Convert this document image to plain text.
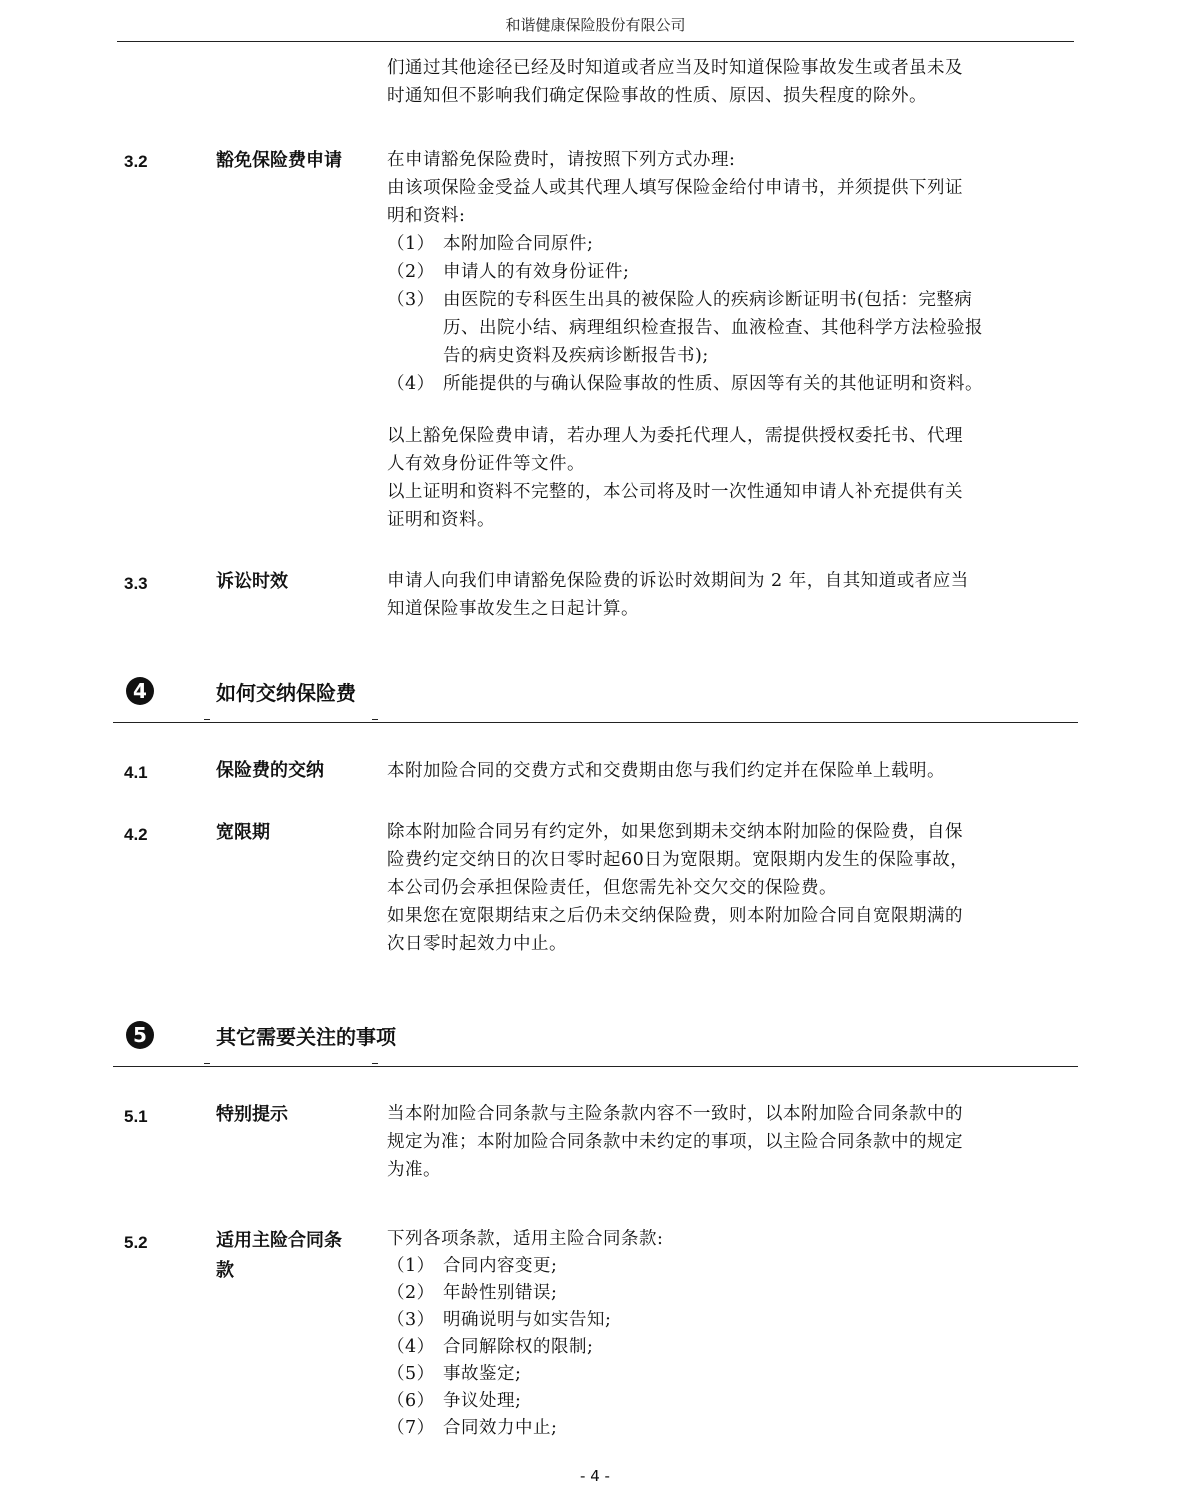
和谐健康保险股份有限公司

们通过其他途径已经及时知道或者应当及时知道保险事故发生或者虽未及

时通知但不影响我们确定保险事故的性质、原因、损失程度的除外。

3.2	豁免保险费申请	在申请豁免保险费时，请按照下列方式办理:

由该项保险金受益人或其代理人填写保险金给付申请书，并须提供下列证

明和资料:

（1） 本附加险合同原件;
（2） 申请人的有效身份证件;
（3） 由医院的专科医生出具的被保险人的疾病诊断证明书(包括：完整病

历、出院小结、病理组织检查报告、血液检查、其他科学方法检验报

告的病史资料及疾病诊断报告书);

（4） 所能提供的与确认保险事故的性质、原因等有关的其他证明和资料。

以上豁免保险费申请，若办理人为委托代理人，需提供授权委托书、代理

人有效身份证件等文件。

以上证明和资料不完整的，本公司将及时一次性通知申请人补充提供有关

证明和资料。

3.3	诉讼时效	申请人向我们申请豁免保险费的诉讼时效期间为 2 年，自其知道或者应当

知道保险事故发生之日起计算。

4	如何交纳保险费
4.1	保险费的交纳	本附加险合同的交费方式和交费期由您与我们约定并在保险单上载明。

4.2	宽限期	除本附加险合同另有约定外，如果您到期未交纳本附加险的保险费，自保

险费约定交纳日的次日零时起60日为宽限期。宽限期内发生的保险事故，

本公司仍会承担保险责任，但您需先补交欠交的保险费。

如果您在宽限期结束之后仍未交纳保险费，则本附加险合同自宽限期满的

次日零时起效力中止。

5	其它需要关注的事项
5.1	特别提示	当本附加险合同条款与主险条款内容不一致时，以本附加险合同条款中的

规定为准；本附加险合同条款中未约定的事项，以主险合同条款中的规定

为准。

5.2	适用主险合同条
款

下列各项条款，适用主险合同条款:

（1） 合同内容变更;
（2） 年龄性别错误;
（3） 明确说明与如实告知;
（4） 合同解除权的限制;
（5） 事故鉴定;
（6） 争议处理;
（7） 合同效力中止;
- 4 -
